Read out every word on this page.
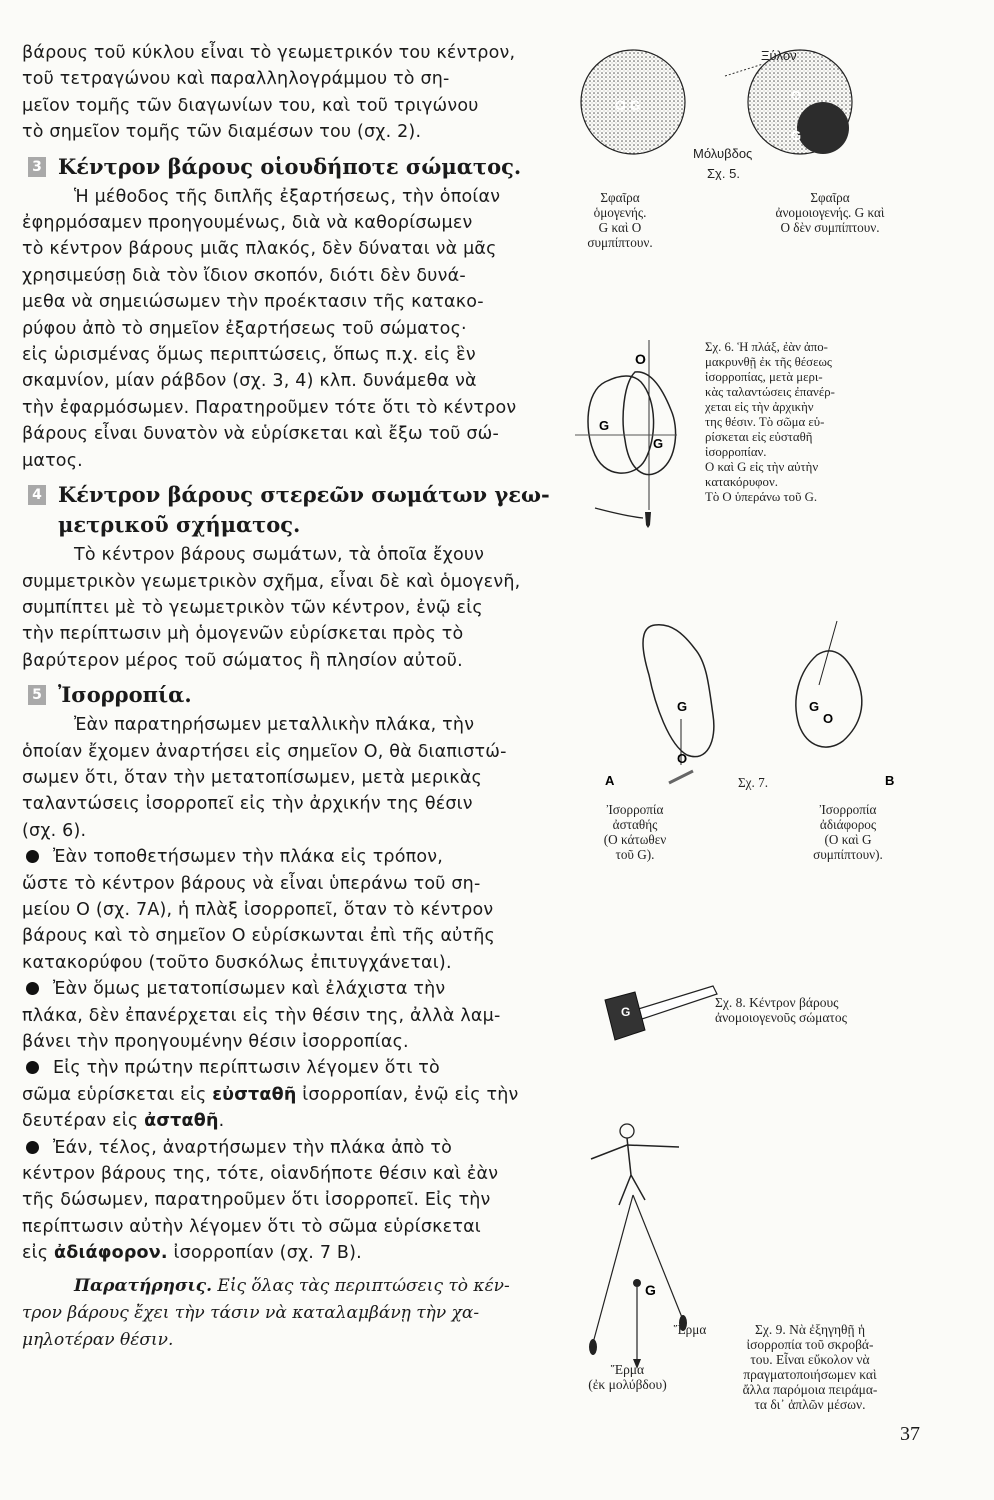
βάρους τοῦ κύκλου εἶναι τὸ γεωμετρικόν του κέντρον,
τοῦ τετραγώνου καὶ παραλληλογράμμου τὸ ση-
μεῖον τομῆς τῶν διαγωνίων του, καὶ τοῦ τριγώνου
τὸ σημεῖον τομῆς τῶν διαμέσων του (σχ. 2).
3 Κέντρον βάρους οἱουδήποτε σώματος.
Ἡ μέθοδος τῆς διπλῆς ἐξαρτήσεως, τὴν ὁποίαν
ἐφηρμόσαμεν προηγουμένως, διὰ νὰ καθορίσωμεν
τὸ κέντρον βάρους μιᾶς πλακός, δὲν δύναται νὰ μᾶς
χρησιμεύσῃ διὰ τὸν ἴδιον σκοπόν, διότι δὲν δυνά-
μεθα νὰ σημειώσωμεν τὴν προέκτασιν τῆς κατακο-
ρύφου ἀπὸ τὸ σημεῖον ἐξαρτήσεως τοῦ σώματος·
εἰς ὡρισμένας ὅμως περιπτώσεις, ὅπως π.χ. εἰς ἓν
σκαμνίον, μίαν ράβδον (σχ. 3, 4) κλπ. δυνάμεθα νὰ
τὴν ἐφαρμόσωμεν. Παρατηροῦμεν τότε ὅτι τὸ κέντρον
βάρους εἶναι δυνατὸν νὰ εὑρίσκεται καὶ ἔξω τοῦ σώ-
ματος.
4 Κέντρον βάρους στερεῶν σωμάτων γεω-
μετρικοῦ σχήματος.
Τὸ κέντρον βάρους σωμάτων, τὰ ὁποῖα ἔχουν
συμμετρικὸν γεωμετρικὸν σχῆμα, εἶναι δὲ καὶ ὁμογενῆ,
συμπίπτει μὲ τὸ γεωμετρικὸν τῶν κέντρον, ἐνῷ εἰς
τὴν περίπτωσιν μὴ ὁμογενῶν εὑρίσκεται πρὸς τὸ
βαρύτερον μέρος τοῦ σώματος ἢ πλησίον αὐτοῦ.
5 Ἰσορροπία.
Ἐὰν παρατηρήσωμεν μεταλλικὴν πλάκα, τὴν
ὁποίαν ἔχομεν ἀναρτήσει εἰς σημεῖον Ο, θὰ διαπιστώ-
σωμεν ὅτι, ὅταν τὴν μετατοπίσωμεν, μετὰ μερικὰς
ταλαντώσεις ἰσορροπεῖ εἰς τὴν ἀρχικήν της θέσιν
(σχ. 6).
Ἐὰν τοποθετήσωμεν τὴν πλάκα εἰς τρόπον,
ὥστε τὸ κέντρον βάρους νὰ εἶναι ὑπεράνω τοῦ ση-
μείου Ο (σχ. 7Α), ἡ πλὰξ ἰσορροπεῖ, ὅταν τὸ κέντρον
βάρους καὶ τὸ σημεῖον Ο εὑρίσκωνται ἐπὶ τῆς αὐτῆς
κατακορύφου (τοῦτο δυσκόλως ἐπιτυγχάνεται).
Ἐὰν ὅμως μετατοπίσωμεν καὶ ἐλάχιστα τὴν
πλάκα, δὲν ἐπανέρχεται εἰς τὴν θέσιν της, ἀλλὰ λαμ-
βάνει τὴν προηγουμένην θέσιν ἰσορροπίας.
Εἰς τὴν πρώτην περίπτωσιν λέγομεν ὅτι τὸ
σῶμα εὑρίσκεται εἰς εὐσταθῆ ἰσορροπίαν, ἐνῷ εἰς τὴν
δευτέραν εἰς ἀσταθῆ.
Ἐάν, τέλος, ἀναρτήσωμεν τὴν πλάκα ἀπὸ τὸ
κέντρον βάρους της, τότε, οἱανδήποτε θέσιν καὶ ἐὰν
τῆς δώσωμεν, παρατηροῦμεν ὅτι ἰσορροπεῖ. Εἰς τὴν
περίπτωσιν αὐτὴν λέγομεν ὅτι τὸ σῶμα εὑρίσκεται
εἰς ἀδιάφορον. ἰσορροπίαν (σχ. 7 Β).
Παρατήρησις. Εἰς ὅλας τὰς περιπτώσεις τὸ κέν-
τρον βάρους ἔχει τὴν τάσιν νὰ καταλαμβάνῃ τὴν χα-
μηλοτέραν θέσιν.
O.G
O
G
Ξύλον
Μόλυβδος
Σχ. 5.
Σφαῖρα
ὁμογενής.
G καὶ O
συμπίπτουν.
Σφαῖρα
ἀνομοιογενής. G καὶ
O δὲν συμπίπτουν.
O
G
G
Σχ. 6. Ἡ πλάξ, ἐὰν ἀπο-
μακρυνθῇ ἐκ τῆς θέσεως
ἰσορροπίας, μετὰ μερι-
κὰς ταλαντώσεις ἐπανέρ-
χεται εἰς τὴν ἀρχικὴν
της θέσιν. Τὸ σῶμα εὑ-
ρίσκεται εἰς εὐσταθῆ
ἰσορροπίαν.
O καὶ G εἰς τὴν αὐτὴν
κατακόρυφον.
Τὸ O ὑπεράνω τοῦ G.
G
O
A
G
O
B
Σχ. 7.
Ἰσορροπία
ἀσταθής
(O κάτωθεν
τοῦ G).
Ἰσορροπία
ἀδιάφορος
(O καὶ G
συμπίπτουν).
G
Σχ. 8. Κέντρον βάρους
ἀνομοιογενοῦς σώματος
G
Ἕρμα
Ἕρμα
(ἐκ μολύβδου)
Σχ. 9. Νὰ ἐξηγηθῇ ἡ
ἰσορροπία τοῦ σκροβά-
του. Εἶναι εὔκολον νὰ
πραγματοποιήσωμεν καὶ
ἄλλα παρόμοια πειράμα-
τα δι᾽ ἁπλῶν μέσων.
37
